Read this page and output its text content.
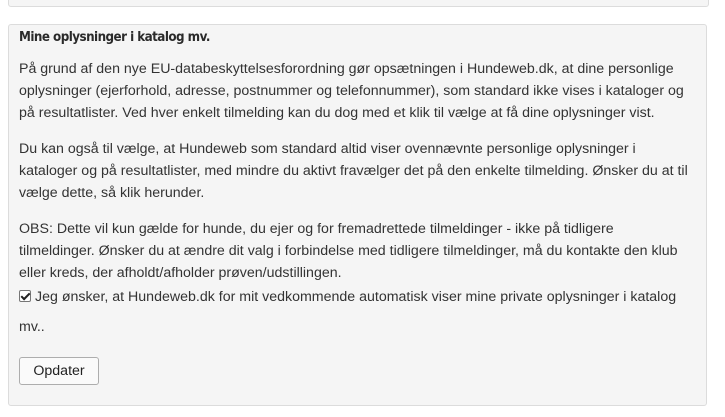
Mine oplysninger i katalog mv.

På grund af den nye EU-databeskyttelsesforordning gør opsætningen i Hundeweb.dk, at dine personlige oplysninger (ejerforhold, adresse, postnummer og telefonnummer), som standard ikke vises i kataloger og på resultatlister. Ved hver enkelt tilmelding kan du dog med et klik til vælge at få dine oplysninger vist.

Du kan også til vælge, at Hundeweb som standard altid viser ovennævnte personlige oplysninger i kataloger og på resultatlister, med mindre du aktivt fravælger det på den enkelte tilmelding. Ønsker du at til vælge dette, så klik herunder.

OBS: Dette vil kun gælde for hunde, du ejer og for fremadrettede tilmeldinger - ikke på tidligere tilmeldinger. Ønsker du at ændre dit valg i forbindelse med tidligere tilmeldinger, må du kontakte den klub eller kreds, der afholdt/afholder prøven/udstillingen.

Jeg ønsker, at Hundeweb.dk for mit vedkommende automatisk viser mine private oplysninger i katalog
mv..
Opdater
